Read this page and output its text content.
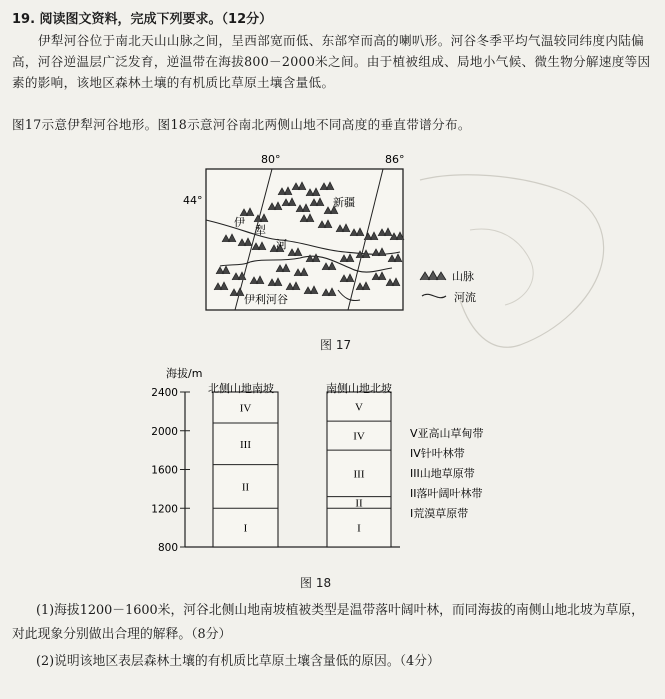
19. 阅读图文资料，完成下列要求。（12分）
伊犁河谷位于南北天山山脉之间，呈西部宽而低、东部窄而高的喇叭形。河谷冬季平均气温较同纬度内陆偏高，河谷逆温层广泛发育，逆温带在海拔800－2000米之间。由于植被组成、局地小气候、微生物分解速度等因素的影响，该地区森林土壤的有机质比草原土壤含量低。
图17示意伊犁河谷地形。图18示意河谷南北两侧山地不同高度的垂直带谱分布。
80°	86°
44°	新疆
伊
犁
河
伊利河谷
山脉
河流
图 17
海拔/m
800
1200
1600
2000
2400
I
II
III
IV
I
II
III
IV
V
北侧山地南坡	南侧山地北坡
V亚高山草甸带
IV针叶林带
III山地草原带
II落叶阔叶林带
I荒漠草原带
图 18
(1)海拔1200－1600米，河谷北侧山地南坡植被类型是温带落叶阔叶林，而同海拔的南侧山地北坡为草原，对此现象分别做出合理的解释。（8分）
(2)说明该地区表层森林土壤的有机质比草原土壤含量低的原因。（4分）
